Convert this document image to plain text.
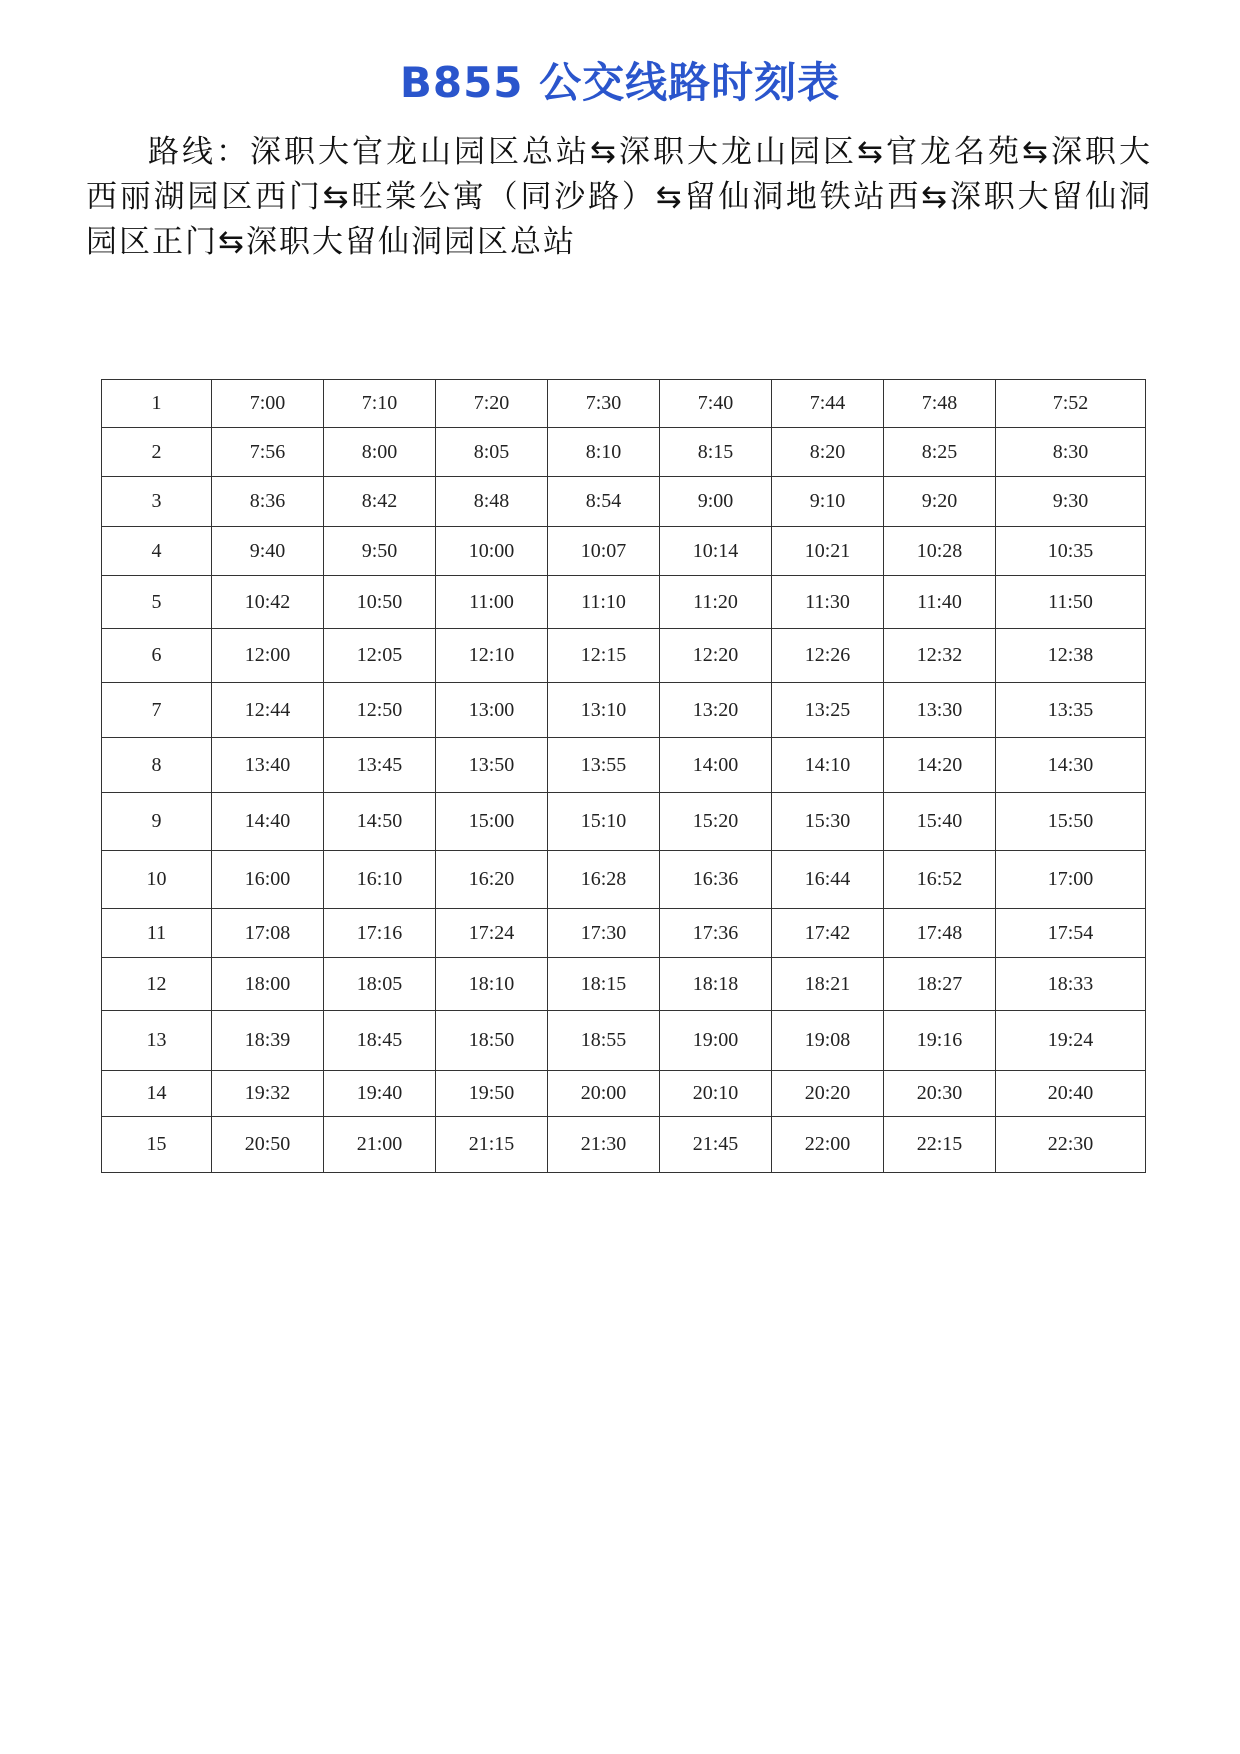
B855 公交线路时刻表
路线：深职大官龙山园区总站⇆深职大龙山园区⇆官龙名苑⇆深职大西丽湖园区西门⇆旺棠公寓（同沙路）⇆留仙洞地铁站西⇆深职大留仙洞园区正门⇆深职大留仙洞园区总站
1	7:00	7:10	7:20	7:30	7:40	7:44	7:48	7:52
2	7:56	8:00	8:05	8:10	8:15	8:20	8:25	8:30
3	8:36	8:42	8:48	8:54	9:00	9:10	9:20	9:30
4	9:40	9:50	10:00	10:07	10:14	10:21	10:28	10:35
5	10:42	10:50	11:00	11:10	11:20	11:30	11:40	11:50
6	12:00	12:05	12:10	12:15	12:20	12:26	12:32	12:38
7	12:44	12:50	13:00	13:10	13:20	13:25	13:30	13:35
8	13:40	13:45	13:50	13:55	14:00	14:10	14:20	14:30
9	14:40	14:50	15:00	15:10	15:20	15:30	15:40	15:50
10	16:00	16:10	16:20	16:28	16:36	16:44	16:52	17:00
11	17:08	17:16	17:24	17:30	17:36	17:42	17:48	17:54
12	18:00	18:05	18:10	18:15	18:18	18:21	18:27	18:33
13	18:39	18:45	18:50	18:55	19:00	19:08	19:16	19:24
14	19:32	19:40	19:50	20:00	20:10	20:20	20:30	20:40
15	20:50	21:00	21:15	21:30	21:45	22:00	22:15	22:30
